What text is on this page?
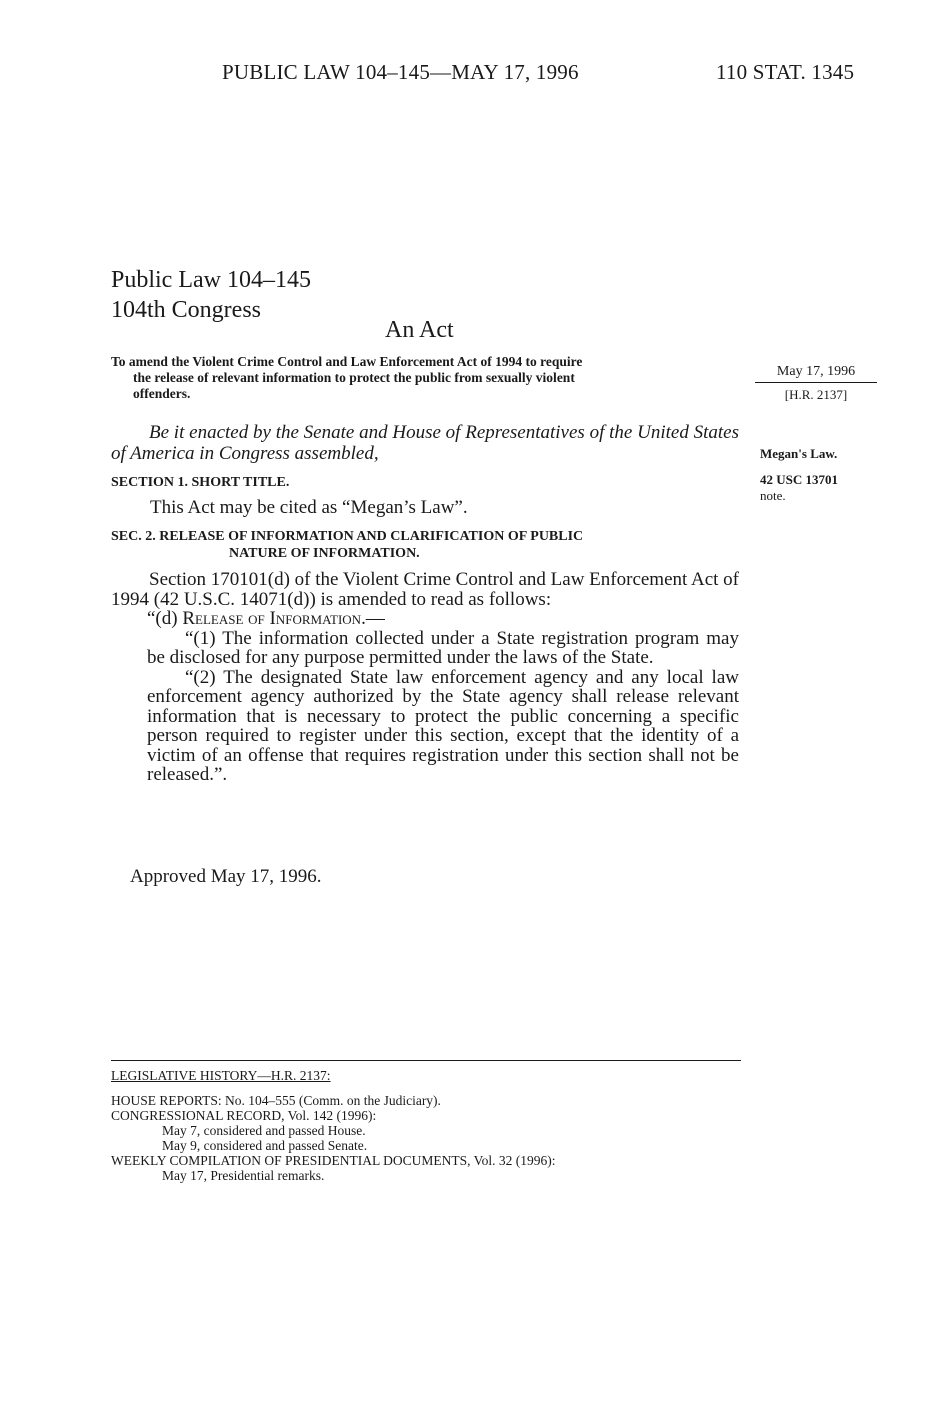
PUBLIC LAW 104–145—MAY 17, 1996	110 STAT. 1345
Public Law 104–145
104th Congress
An Act
To amend the Violent Crime Control and Law Enforcement Act of 1994 to require
the release of relevant information to protect the public from sexually violent
offenders.
May 17, 1996
[H.R. 2137]
Be it enacted by the Senate and House of Representatives of the United States of America in Congress assembled,	Megan's Law.
42 USC 13701
note.
SECTION 1. SHORT TITLE.
This Act may be cited as “Megan’s Law”.
SEC. 2. RELEASE OF INFORMATION AND CLARIFICATION OF PUBLIC
NATURE OF INFORMATION.

Section 170101(d) of the Violent Crime Control and Law Enforcement Act of 1994 (42 U.S.C. 14071(d)) is amended to read as follows:

“(d) Release of Information.—

“(1) The information collected under a State registration program may be disclosed for any purpose permitted under the laws of the State.

“(2) The designated State law enforcement agency and any local law enforcement agency authorized by the State agency shall release relevant information that is necessary to protect the public concerning a specific person required to register under this section, except that the identity of a victim of an offense that requires registration under this section shall not be released.”.

Approved May 17, 1996.
LEGISLATIVE HISTORY—H.R. 2137:
HOUSE REPORTS: No. 104–555 (Comm. on the Judiciary).
CONGRESSIONAL RECORD, Vol. 142 (1996):
May 7, considered and passed House.
May 9, considered and passed Senate.
WEEKLY COMPILATION OF PRESIDENTIAL DOCUMENTS, Vol. 32 (1996):
May 17, Presidential remarks.
